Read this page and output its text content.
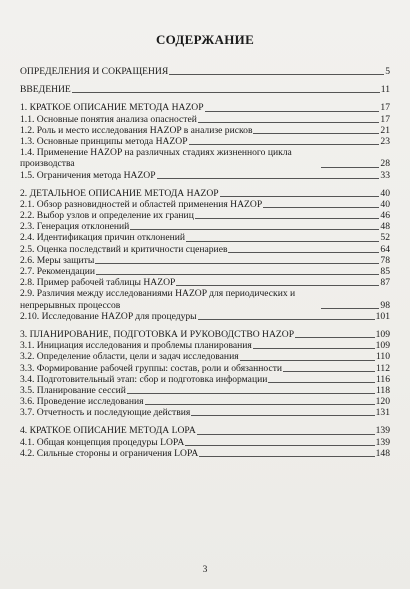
СОДЕРЖАНИЕ
ОПРЕДЕЛЕНИЯ И СОКРАЩЕНИЯ	5
ВВЕДЕНИЕ	11
1. КРАТКОЕ ОПИСАНИЕ МЕТОДА HAZOP	17
1.1. Основные понятия анализа опасностей	17
1.2. Роль и место исследования HAZOP в анализе рисков	21
1.3. Основные принципы метода HAZOP	23
1.4. Применение HAZOP на различных стадиях жизненного цикла производства	28
1.5. Ограничения метода HAZOP	33
2. ДЕТАЛЬНОЕ ОПИСАНИЕ МЕТОДА HAZOP	40
2.1. Обзор разновидностей и областей применения HAZOP	40
2.2. Выбор узлов и определение их границ	46
2.3. Генерация отклонений	48
2.4. Идентификация причин отклонений	52
2.5. Оценка последствий и критичности сценариев	64
2.6. Меры защиты	78
2.7. Рекомендации	85
2.8. Пример рабочей таблицы HAZOP	87
2.9. Различия между исследованиями HAZOP для периодических и непрерывных процессов	98
2.10. Исследование HAZOP для процедуры	101
3. ПЛАНИРОВАНИЕ, ПОДГОТОВКА И РУКОВОДСТВО HAZOP	109
3.1. Инициация исследования и проблемы планирования	109
3.2. Определение области, цели и задач исследования	110
3.3. Формирование рабочей группы: состав, роли и обязанности	112
3.4. Подготовительный этап: сбор и подготовка информации	116
3.5. Планирование сессий	118
3.6. Проведение исследования	120
3.7. Отчетность и последующие действия	131
4. КРАТКОЕ ОПИСАНИЕ МЕТОДА LOPA	139
4.1. Общая концепция процедуры LOPA	139
4.2. Сильные стороны и ограничения LOPA	148
3
